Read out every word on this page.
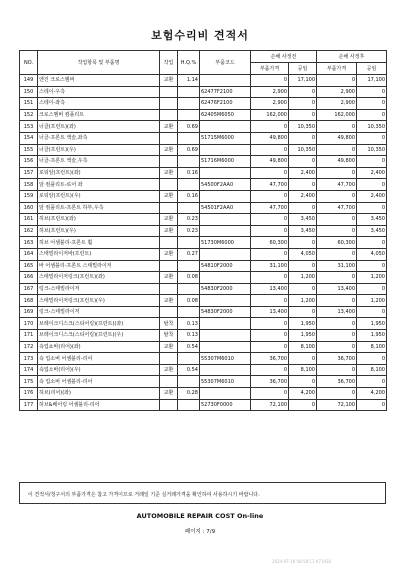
보험수리비 견적서
NO.	작업항목 및 부품명	작업	H.Q.%	부품코드	손해 사정전		손해 사정후	
					부품가격	공임	부품가격	공임
149	엔진 크로스멤버	교환	1.14		0	17,100	0	17,100
150	스테이-우측			62477F2100	2,900	0	2,900	0
151	스테이-좌측			62476F2100	2,900	0	2,900	0
152	크로스멤버 컴플리트			62405M6050	162,000	0	162,000	0
153	너클(프런트)(좌)	교환	0.69		0	10,350	0	10,350
154	너클-프론트 액슬,좌측			51715M6000	49,800	0	49,800	0
155	너클(프런트)(우)	교환	0.69		0	10,350	0	10,350
156	너클-프론트 액슬,우측			51716M6000	49,800	0	49,800	0
157	로워암(프런트)(좌)	교환	0.16		0	2,400	0	2,400
158	암 컴플리트-로어 좌			54500F2AA0	47,700	0	47,700	0
159	로워암(프런트)(우)	교환	0.16		0	2,400	0	2,400
160	암 컴플리트-프론트 하부,우측			54501F2AA0	47,700	0	47,700	0
161	허브(프런트)(좌)	교환	0.23		0	3,450	0	3,450
162	허브(프런트)(우)	교환	0.23		0	3,450	0	3,450
163	허브 어셈블리-프론트 휠			51730M6000	60,300	0	60,300	0
164	스태빌라이저바(프런트)	교환	0.27		0	4,050	0	4,050
165	바 어셈블리-프론트 스태빌라이저			54810F2000	31,100	0	31,100	0
166	스태빌라이저링크(프런트)(좌)	교환	0.08		0	1,200	0	1,200
167	링크-스태빌라이저			54830F2000	13,400	0	13,400	0
168	스태빌라이저링크(프런트)(우)	교환	0.08		0	1,200	0	1,200
169	링크-스태빌라이저			54830F2000	13,400	0	13,400	0
170	브레이크디스크(스티어링)(프런트)(좌)	탈착	0.13		0	1,950	0	1,950
171	브레이크디스크(스티어링)(프런트)(우)	탈착	0.13		0	1,950	0	1,950
172	쇽업쇼바(리어)(좌)	교환	0.54		0	8,100	0	8,100
173	쇽 업소버 어셈블리-리어			55307M6010	36,700	0	36,700	0
174	쇽업소바(리어)(우)	교환	0.54		0	8,100	0	8,100
175	쇽 업소버 어셈블리-리어			55307M6010	36,700	0	36,700	0
176	허브(리어)(좌)	교환	0.28		0	4,200	0	4,200
177	허브&베어링 어셈블리-리어			52730F0000	72,100	0	72,100	0
이 견적서/청구서의 부품가격은 참고 가격이므로 거래일 기준 실거래가격을 확인하여 사용하시기 바랍니다.
AUTOMOBILE REPAIR COST On-line
페이지 : 7/9
2024-07-16 08:58:11 K71930
